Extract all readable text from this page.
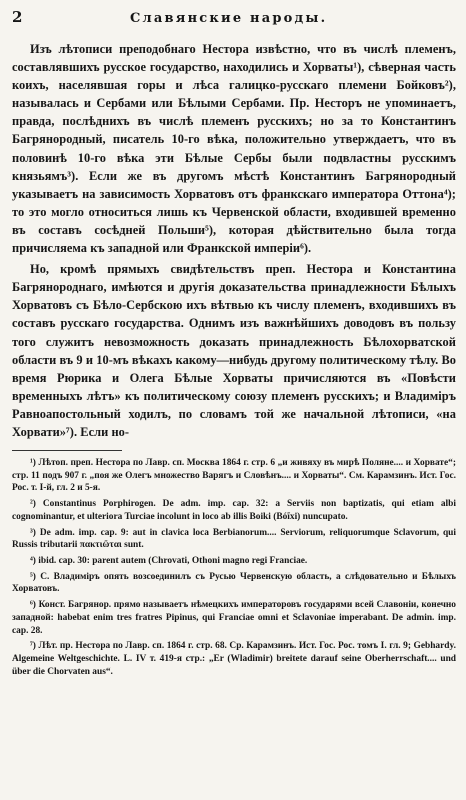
2	Славянские народы.

Изъ лѣтописи преподобнаго Нестора извѣстно, что въ числѣ племенъ, составлявшихъ русское государство, находились и Хорваты¹), сѣверная часть коихъ, населявшая горы и лѣса галицко-русскаго племени Бойковъ²), называлась и Сербами или Бѣлыми Сербами. Пр. Несторъ не упоминаетъ, правда, послѣднихъ въ числѣ племенъ русскихъ; но за то Константинъ Багрянородный, писатель 10-го вѣка, положительно утверждаетъ, что въ половинѣ 10-го вѣка эти Бѣлые Сербы были подвластны русскимъ князьямъ³). Если же въ другомъ мѣстѣ Константинъ Багрянородный указываетъ на зависимость Хорватовъ отъ франкскаго императора Оттона⁴); то это могло относиться лишь къ Червенской области, входившей временно въ составъ сосѣдней Польши⁵), которая дѣйствительно была тогда причисляема къ западной или Франкской имперіи⁶).

Но, кромѣ прямыхъ свидѣтельствъ преп. Нестора и Константина Багрянороднаго, имѣются и другія доказательства принадлежности Бѣлыхъ Хорватовъ съ Бѣло-Сербскою ихъ вѣтвью къ числу племенъ, входившихъ въ составъ русскаго государства. Однимъ изъ важнѣйшихъ доводовъ въ пользу того служитъ невозможность доказать принадлежность Бѣлохорватской области въ 9 и 10-мъ вѣкахъ какому—нибудь другому политическому тѣлу. Во время Рюрика и Олега Бѣлые Хорваты причисляются въ «Повѣсти временныхъ лѣтъ» къ политическому союзу племенъ русскихъ; и Владиміръ Равноапостольный ходилъ, по словамъ той же начальной лѣтописи, «на Хорвати»⁷). Если но-

¹) Лѣтоп. преп. Нестора по Лавр. сп. Москва 1864 г. стр. 6 „и живяху въ мирѣ Поляне.... и Хорвате“; стр. 11 подъ 907 г. „поя же Олегъ множество Варягъ и Словѣнъ.... и Хорваты“. См. Карамзинъ. Ист. Гос. Рос. т. I-й, гл. 2 и 5-я.

²) Constantinus Porphirogen. De adm. imp. cap. 32: a Serviis non baptizatis, qui etiam albi cognominantur, et ulteriora Turciae incolunt in loco ab illis Boiki (Bóĩxi) nuncupato.

³) De adm. imp. cap. 9: aut in clavica loca Berbianorum.... Serviorum, reliquorumque Sclavorum, qui Russis tributarii πακτιῶται sunt.

⁴) ibid. cap. 30: parent autem (Chrovati, Othoni magno regi Franciae.

⁵) С. Владиміръ опять возсоединилъ съ Русью Червенскую область, а слѣдовательно и Бѣлыхъ Хорватовъ.

⁶) Конст. Багрянор. прямо называетъ нѣмецкихъ императоровъ государями всей Славоніи, конечно западной: habebat enim tres fratres Pipinus, qui Franciae omni et Sclavoniae imperabant. De admin. imp. cap. 28.

⁷) Лѣт. пр. Нестора по Лавр. сп. 1864 г. стр. 68. Ср. Карамзинъ. Ист. Гос. Рос. томъ I. гл. 9; Gebhardy. Algemeine Weltgeschichte. L. IV т. 419-я стр.: „Er (Wladimir) breitete darauf seine Oberherrschaft.... und über die Chorvaten aus“.
